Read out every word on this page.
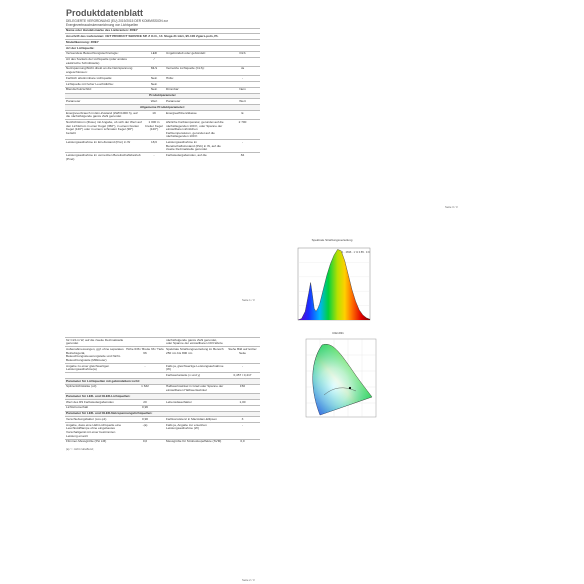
Produktdatenblatt
DELEGIERTE VERORDNUNG (EU) 2019/2015 DER KOMMISSION zur
Energieverbrauchskennzeichnung von Lichtquellen
Name oder Handelsmarke des Lieferanten: ZREY			
Anschrift des Lieferanten: CET PRODUCT SERVICE SP. Z O.O., Ul. Sluga 21 lok1, 95-100 Zgierz-poln, PL			
Modellkennung: ZREY			
Art der Lichtquelle:			
Verwendete Beleuchtungstechnologie:	LED	Ungebündelt oder gebündelt:	DLS
Art des Sockels der Lichtquelle (oder andere elektrische Schnittstelle)	/		
Netzspannung/Nicht direkt an die Netzspannung angeschlossen:	MLS	Vernetzte Lichtquelle (CLS):	Ja
Farblich abstimmbare Lichtquelle:	Nein	Hülle:	-
Lichtquelle mit hoher Leuchtdichte:	Nein		
Blendschutzschild:	Nein	Dimmbar:	Nein
Produktparameter			
Parameter	Wert	Parameter	Wert
Allgemeine Produktparameter:			
Energieverbrauch im Ein-Zustand (kWh/1000 h), auf die nächstfolgende ganze Zahl gerundet	19	Energieeffizienzklasse	E
Nutzlichtstrom (Φuse) mit Angabe, ob sich der Wert auf den Lichtstrom in einer Kugel (360°), in einem breiten Kegel (120°) oder in einem schmalen Kegel (90°) bezieht	1 000 in breiter Kegel (120°)	ähnliche Farbtemperatur, gerundet auf die nächstliegenden 100 K, oder Spanne der einstellbaren ähnlichen Farbtemperaturen, gerundet auf die nächstliegenden 100 K	2 700
Leistungsaufnahme im Ein-Zustand (Pon) in W	18,6	Leistungsaufnahme im Bereitschaftszustand (Psb) in W, auf die zweite Dezimalstelle gerundet	-
Leistungsaufnahme im vernetzten Bereitschaftsbetrieb (Pnet)	-	Farbwiedergabeindex, auf die	84
Seite 1 / 3
für CLS in W, auf die zweite Dezimalstelle gerundet		nächstfolgende ganze Zahl gerundet, oder Spanne der einstellbaren CRI-Werte	
Außenabmessungen, ggf. ohne separates Betriebsgerät, Beleuchtungssteuerungsteile und Nicht-Beleuchtungsteile (Millimeter)	Höhe 636 / Breite 66 / Tiefe 66	Spektrale Strahlungsverteilung im Bereich 250 nm bis 800 nm	Siehe Bild auf letzter Seite
Angabe zu einer gleichwertigen Leistungsaufnahme(a)	-	Falls ja, gleichwertige Leistungsaufnahme (W)	-
		Farbwertanteile (x und y)	0,457 / 0,417
Parameter für Lichtquellen mit gebündeltem Licht:			
Spitzenlichtstärke (cd)	1 632	Halbwertswinkel in Grad oder Spanne der einstellbaren Halbwertswinkel	150
Parameter für LED- und OLED-Lichtquellen:			
Wert des R9 Farbwiedergabeindex	20	Lebensdauerfaktor	1,00
Lichtstromerhalt	0,96		
Parameter für LED- und OLED-Netzspannungslichtquellen:			
Verschiebungsfaktor (cos φ1)	0,90	Farbkonsistenz in MacAdam-Ellipsen	3
Angabe, dass eine LED-Lichtquelle eine Leuchtstofflampe ohne eingebautes Vorschaltgerät mit einer bestimmten Leistung ersetzt	-(a)	Falls ja, Angabe zur ersetzten Leistungsaufnahme (W)	-
Flimmer-Messgröße (Pst LM)	0,0	Messgröße für Stroboskopeffekte (SVM)	0,0
(a) '-': nicht zutreffend;
Seite 2 / 3
Seite 3 / 3
Spektrale Strahlungsverteilung
1 . 2696 . 1 % 0.85 . 0.9
CIE1931
